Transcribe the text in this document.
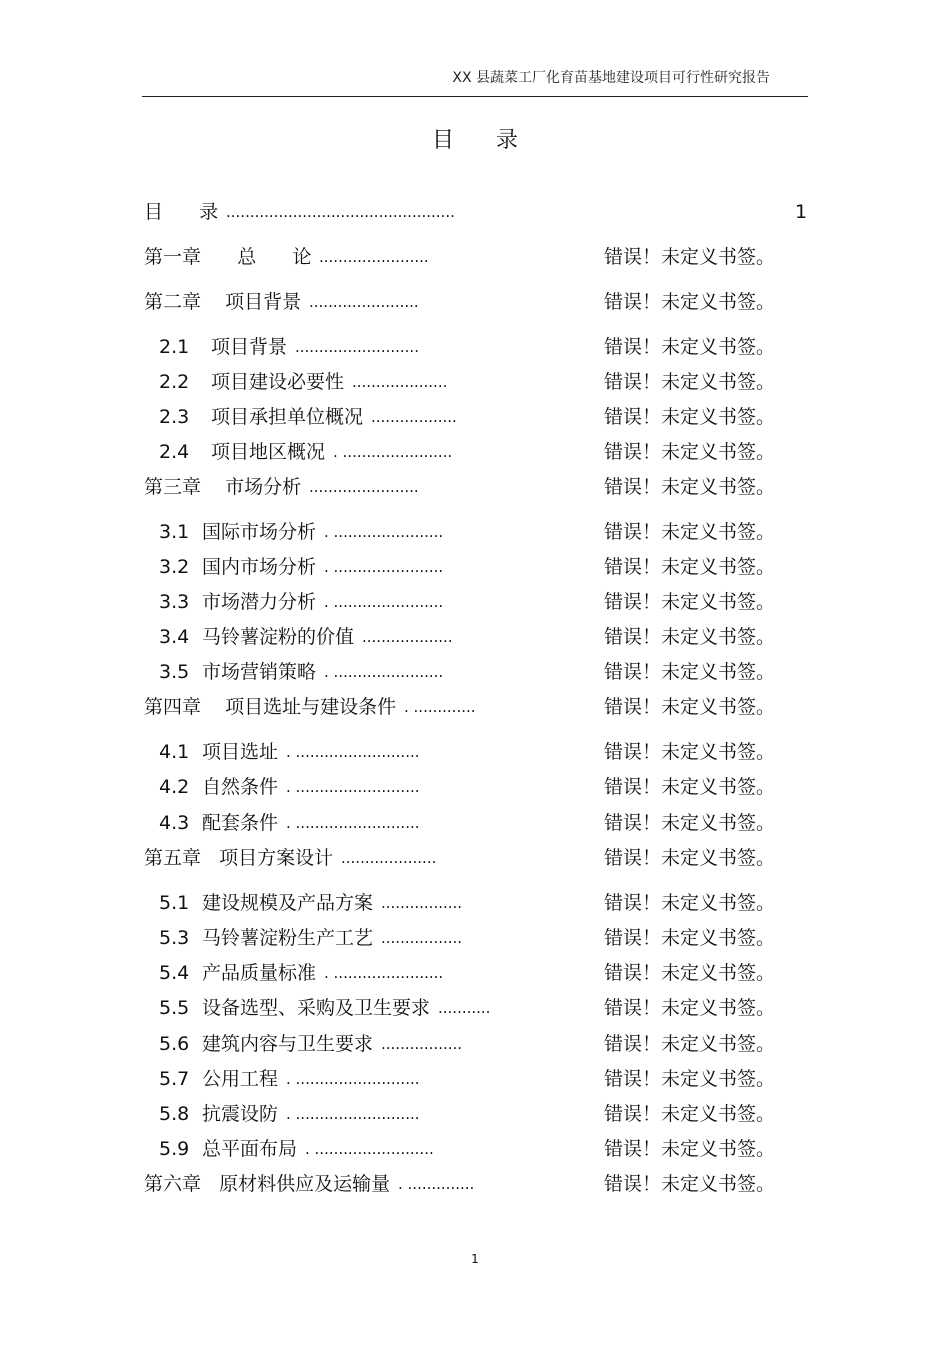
XX 县蔬菜工厂化育苗基地建设项目可行性研究报告
目      录
目      录 ................................................	1
第一章      总      论 .......................	错误！未定义书签。
第二章    项目背景 .......................	错误！未定义书签。
2.1 项目背景 ..........................	错误！未定义书签。
2.2 项目建设必要性 ....................	错误！未定义书签。
2.3 项目承担单位概况 ..................	错误！未定义书签。
2.4 项目地区概况 . .......................	错误！未定义书签。
第三章    市场分析 .......................	错误！未定义书签。
3.1 国际市场分析 . .......................	错误！未定义书签。
3.2 国内市场分析 . .......................	错误！未定义书签。
3.3 市场潜力分析 . .......................	错误！未定义书签。
3.4 马铃薯淀粉的价值 ...................	错误！未定义书签。
3.5 市场营销策略 . .......................	错误！未定义书签。
第四章    项目选址与建设条件 . .............	错误！未定义书签。
4.1 项目选址 . ..........................	错误！未定义书签。
4.2 自然条件 . ..........................	错误！未定义书签。
4.3 配套条件 . ..........................	错误！未定义书签。
第五章   项目方案设计 ....................	错误！未定义书签。
5.1 建设规模及产品方案 .................	错误！未定义书签。
5.3 马铃薯淀粉生产工艺 .................	错误！未定义书签。
5.4 产品质量标准 . .......................	错误！未定义书签。
5.5 设备选型、采购及卫生要求 ...........	错误！未定义书签。
5.6 建筑内容与卫生要求 .................	错误！未定义书签。
5.7 公用工程 . ..........................	错误！未定义书签。
5.8 抗震设防 . ..........................	错误！未定义书签。
5.9 总平面布局 . .........................	错误！未定义书签。
第六章   原材料供应及运输量 . ..............	错误！未定义书签。
1
